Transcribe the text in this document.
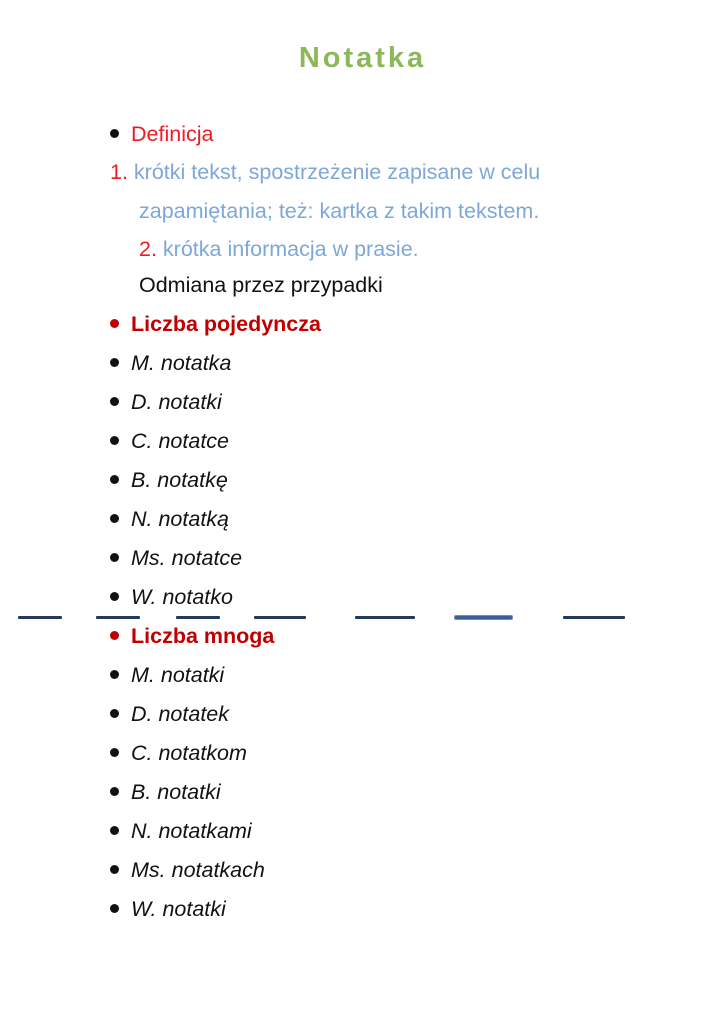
Notatka
Definicja
1. krótki tekst, spostrzeżenie zapisane w celu
zapamiętania; też: kartka z takim tekstem.
2. krótka informacja w prasie.
Odmiana przez przypadki
Liczba pojedyncza
M. notatka
D. notatki
C. notatce
B. notatkę
N. notatką
Ms. notatce
W. notatko
Liczba mnoga
M. notatki
D. notatek
C. notatkom
B. notatki
N. notatkami
Ms. notatkach
W. notatki
